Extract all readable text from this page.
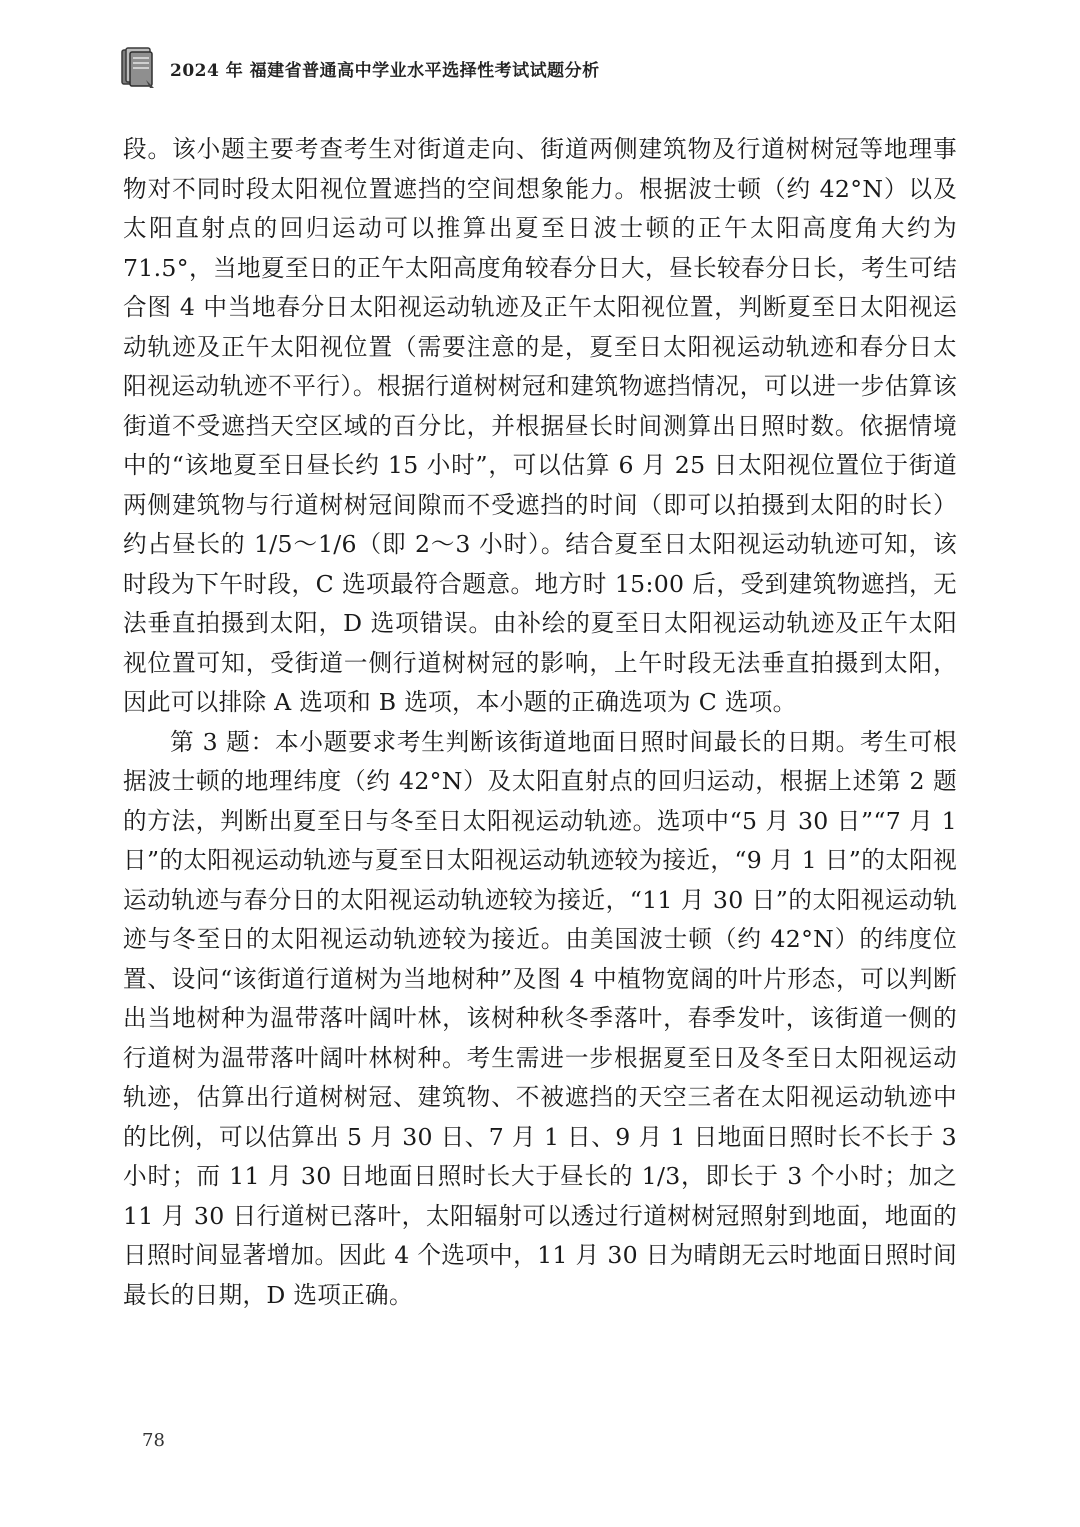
2024 年 福建省普通高中学业水平选择性考试试题分析

段。该小题主要考查考生对街道走向、街道两侧建筑物及行道树树冠等地理事物对不同时段太阳视位置遮挡的空间想象能力。根据波士顿（约 42°N）以及太阳直射点的回归运动可以推算出夏至日波士顿的正午太阳高度角大约为 71.5°，当地夏至日的正午太阳高度角较春分日大，昼长较春分日长，考生可结合图 4 中当地春分日太阳视运动轨迹及正午太阳视位置，判断夏至日太阳视运动轨迹及正午太阳视位置（需要注意的是，夏至日太阳视运动轨迹和春分日太阳视运动轨迹不平行）。根据行道树树冠和建筑物遮挡情况，可以进一步估算该街道不受遮挡天空区域的百分比，并根据昼长时间测算出日照时数。依据情境中的“该地夏至日昼长约 15 小时”，可以估算 6 月 25 日太阳视位置位于街道两侧建筑物与行道树树冠间隙而不受遮挡的时间（即可以拍摄到太阳的时长）约占昼长的 1/5～1/6（即 2～3 小时）。结合夏至日太阳视运动轨迹可知，该时段为下午时段，C 选项最符合题意。地方时 15:00 后，受到建筑物遮挡，无法垂直拍摄到太阳，D 选项错误。由补绘的夏至日太阳视运动轨迹及正午太阳视位置可知，受街道一侧行道树树冠的影响，上午时段无法垂直拍摄到太阳，因此可以排除 A 选项和 B 选项，本小题的正确选项为 C 选项。

第 3 题：本小题要求考生判断该街道地面日照时间最长的日期。考生可根据波士顿的地理纬度（约 42°N）及太阳直射点的回归运动，根据上述第 2 题的方法，判断出夏至日与冬至日太阳视运动轨迹。选项中“5 月 30 日”“7 月 1 日”的太阳视运动轨迹与夏至日太阳视运动轨迹较为接近，“9 月 1 日”的太阳视运动轨迹与春分日的太阳视运动轨迹较为接近，“11 月 30 日”的太阳视运动轨迹与冬至日的太阳视运动轨迹较为接近。由美国波士顿（约 42°N）的纬度位置、设问“该街道行道树为当地树种”及图 4 中植物宽阔的叶片形态，可以判断出当地树种为温带落叶阔叶林，该树种秋冬季落叶，春季发叶，该街道一侧的行道树为温带落叶阔叶林树种。考生需进一步根据夏至日及冬至日太阳视运动轨迹，估算出行道树树冠、建筑物、不被遮挡的天空三者在太阳视运动轨迹中的比例，可以估算出 5 月 30 日、7 月 1 日、9 月 1 日地面日照时长不长于 3 小时；而 11 月 30 日地面日照时长大于昼长的 1/3，即长于 3 个小时；加之 11 月 30 日行道树已落叶，太阳辐射可以透过行道树树冠照射到地面，地面的日照时间显著增加。因此 4 个选项中，11 月 30 日为晴朗无云时地面日照时间最长的日期，D 选项正确。

78
